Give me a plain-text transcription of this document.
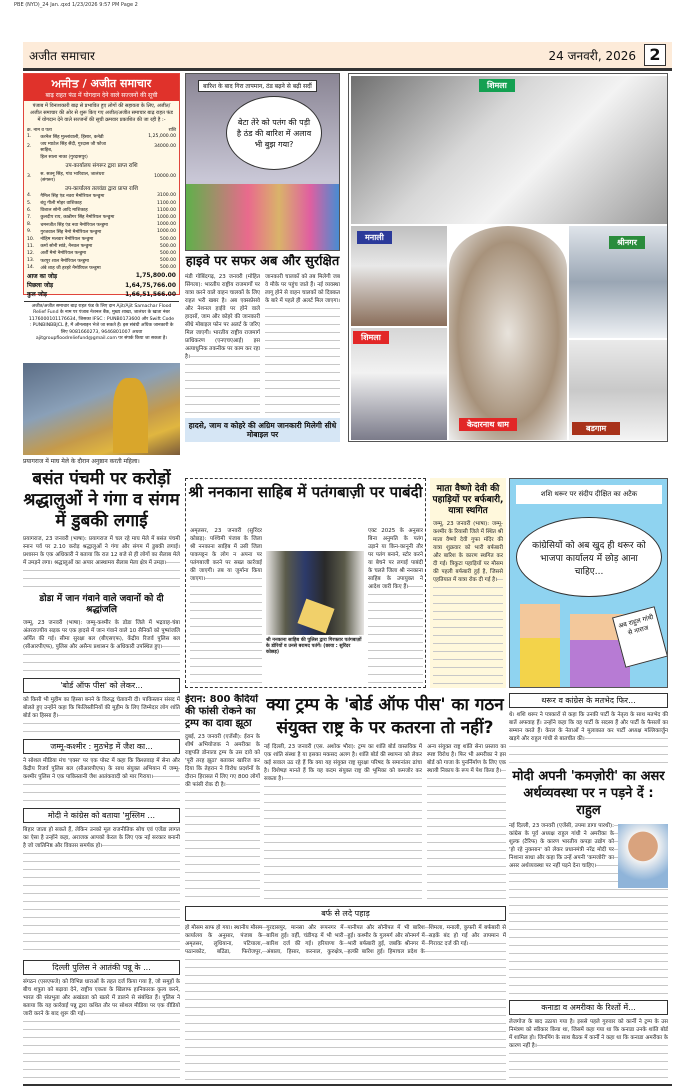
PBE (NYD)_24 Jan..qxd 1/23/2026 9:57 PM Page 2
अजीत समाचार	24 जनवरी, 2026 2
ਅਜੀਤ / अजीत समाचार
बाढ़ राहत फंड में योगदान देने वाले सज्जनों की सूची
पंजाब में विनाशकारी बाढ़ से प्रभावित हुए लोगों की सहायता के लिए, अजीत/अजीत समाचार की ओर से शुरू किए गए अजीत/अजीत समाचार बाढ़ राहत फंड में योगदान देने वाले सज्जनों की सूची क्रमवार प्रकाशित की जा रही है :-
क्र. नाम व पता		राशि
1.	करनैल सिंह मुल्लांवाली, हिंसार, कनेडी	1,25,000.00
2.	जय म्याटेल सिंह सैंदी, गुरदास जी फौजा साहिब,	34000.00
	हिल साला नाका (गुरदासपुर)	
उप-कार्यालय संगरूर द्वारा प्राप्त राशि		
3.	स. सतनू सिंह, गांव भारिवाल, जालंधरा (संगरूर)	10000.00
उप-कार्यालय तलवंडा द्वारा प्राप्त राशि		
4.	गैमिल सिंह एंड नवरा मैमोरियल फन्डुमा	3100.00
5.	बंधु गीली मोहर वाशिकाह	1100.00
6.	विशाल सोनी आदि माशिकाह	1100.00
7.	कुलदीप राय, कान्नीगर सिंह नैमोरियल फन्डुमा	1000.00
8.	चमनजीत सिंह एंड नवा नैमोरियल फन्डुमा	1000.00
9.	गुरजवाल सिंह नैमो मैमोरियल फन्डुमा	1000.00
10.	नोहिम मलवार नैमोरियल फन्डुमा	500.00
11.	कर्मा सोनी सांडे, नैनवल फन्डुमा	500.00
12.	अर्शी मैमो नैमोरियल फन्डुमा	500.00
13.	फरपुर शाल नैमोरियल फन्डुमा	500.00
14.	अंबे शाह जी हरहरे नैमोरियल फन्डुमा	500.00
आज का जोड़		1,75,800.00
पिछला जोड़		1,64,75,766.00
कुल जोड़		1,66,51,566.00
अजीत/अजीत समाचार बाढ़ राहत फंड के लिए दान Ajit/Ajit Samachar Flood Relief Fund के नाम पर पंजाब नेशनल बैंक, मुख्य शाखा, जालंधर के खाता नंबर 1176000101176634, जिसका IFSC : PUNB0173600 और Swift Code : PUNBINBBJCL है, में ऑनलाइन भेजे जा सकते हैं। इस संबंधी अधिक जानकारी के लिए 9081660273, 9646801007 अथवा ajitgroupfloodreliefund@gmail.com पर संपर्क किया जा सकता है।
प्रयागराज में माघ मेले के दौरान अनुष्ठान करती महिला।
बसंत पंचमी पर करोड़ों श्रद्धालुओं ने गंगा व संगम में डुबकी लगाई
प्रयागराज, 23 जनवरी (भाषा): प्रयागराज में चल रहे माघ मेले में बसंत पंचमी स्नान पर्व पर 2.10 करोड़ श्रद्धालुओं ने गंगा और संगम में डुबकी लगाई। प्रशासन के एक अधिकारी ने बताया कि रात 12 बजे से ही लोगों का सैलाब मेले में उमड़ने लगा। श्रद्धालुओं का अपार आस्थामय सैलाब मेला क्षेत्र में उमड़ा।
डोडा में जान गंवाने वाले जवानों को दी श्रद्धांजलि
जम्मू, 23 जनवरी (भाषा): जम्मू-कश्मीर के डोडा जिले में भद्रवाह-चंबा अंतरराज्यीय सड़क पर एक हादसे में जान गंवाने वाले 10 सैनिकों को पुष्पांजलि अर्पित की गई। सीमा सुरक्षा बल (बीएसएफ), केंद्रीय रिजर्व पुलिस बल (सीआरपीएफ), पुलिस और असैन्य प्रशासन के अधिकारी उपस्थित हुए।
'बोर्ड ऑफ पीस' को लेकर...
को किसी भी मुहीम का हिस्सा बनने के विरुद्ध चेतावनी दी। पाकिस्तान संसद में बोलते हुए उन्होंने कहा कि फिलिस्तीनियों की मुहीम के लिए जिम्मेदार लोग शांति बोर्ड का हिस्सा हैं।
जम्मू-कश्मीर : मुठभेड़ में जैश का...
ने सोशल मीडिया मंच 'एक्स' पर एक पोस्ट में कहा कि किश्तवाड़ में सेना और केंद्रीय रिजर्व पुलिस बल (सीआरपीएफ) के साथ संयुक्त अभियान में जम्मू-कश्मीर पुलिस ने एक पाकिस्तानी जैश आतंकवादी को मार गिराया।
मोदी ने कांग्रेस को बताया 'मुस्लिम ...
बिहार जाता हो सकते हैं, लेकिन उनको मूल राजनीतिक सोच एवं एजेंडा लागत का ऐसा है उन्होंने कहा, अराजक आपको केरल के लिए एक नई सरकार बनानी है जो जातिनिष्ठ और विकास समर्पक हो।
दिल्ली पुलिस ने आतंकी पन्नू के ...
संगठन (एसएफजे) को विभिन्न धाराओं के तहत दर्ज किया गया है, जो समूहों के बीच शत्रुता को बढ़ावा देने, राष्ट्रीय एकता के खिलाफ हानिकारक कृत्य करने, भारत की संप्रभुता और अखंडता को खतरे में डालने से संबंधित हैं। पुलिस ने बताया कि यह कार्रवाई पन्नू द्वारा कथित तौर पर सोशल मीडिया पर एक वीडियो जारी करने के बाद शुरू की गई।
बारिश के बाद गिरा तापमान, ठंड बढ़ने से बढ़ी सर्दी
बेटा तेरे को पतंग की पड़ी है ठंड की बारिश में अलाव भी बुझ गया?
हाइवे पर सफर अब और सुरक्षित
मंडी गोबिंदगढ़, 23 जनवरी (मोहित सिंगला): भारतीय राष्ट्रीय राजमार्गों पर यात्रा करने वाले वाहन चालकों के लिए राहत भरी खबर है। अब एक्सप्रेसवे और नेशनल हाईवे पर होने वाले हादसों, जाम और कोहरे की जानकारी सीधे मोबाइल फोन पर अलर्ट के जरिए मिल जाएगी। भारतीय राष्ट्रीय राजमार्ग प्राधिकरण (एनएचएआई) इस अत्याधुनिक तकनीक पर काम कर रहा है।
जानकारी चालकों को तब मिलेगी जब वे मौके पर पहुंच जाते हैं। नई व्यवस्था लागू होने से वाहन चालकों को दिक्कत के बारे में पहले ही अलर्ट मिल जाएगा।
हादसे, जाम व कोहरे की अग्रिम जानकारी मिलेगी सीधे मोबाइल पर
शिमला
मनाली
केदारनाथ धाम
श्रीनगर
शिमला
बडगाम
श्री ननकाना साहिब में पतंगबाज़ी पर पाबंदी
अमृतसर, 23 जनवरी (सुरिंदर कोछड़): पश्चिमी पंजाब के जिला श्री ननकाना साहिब में उसी जिला पाकपट्टन के लोग न अपना पर पतंगबाजी करने पर सख्त कार्रवाई की जाएगी। तब या जुर्माना किया जाएगा।
एक्ट 2025 के अनुसार बिना अनुमति के पतंग उड़ाने या किन-कानूनी तौर पर पतंग बनाने, स्टोर करने या बेचने पर लगाई पाबंदी के चलते जिला श्री ननकाना साहिब के उपायुक्त ने आदेश जारी किए हैं।
श्री ननकाना साहिब की पुलिस द्वारा गिरफ्तार पतंगबाज़ों के डोरियों व उनसे बरामद पतंगें। (छाया : सुरिंदर कोछड़)
माता वैष्णो देवी की पहाड़ियों पर बर्फबारी, यात्रा स्थगित
जम्मू, 23 जनवरी (भाषा): जम्मू-कश्मीर के रियासी जिले में स्थित श्री माता वैष्णो देवी गुफा मंदिर की यात्रा शुक्रवार को भारी बर्फबारी और बारिश के कारण स्थगित कर दी गई। त्रिकुटा पहाड़ियों पर मौसम की पहली बर्फबारी हुई है, जिससे एहतियात में यात्रा रोक दी गई है।
शशि थरूर पर संदीप दीक्षित का अटैक
कांग्रेसियों को अब खुद ही थरूर को भाजपा कार्यालय में छोड़ आना चाहिए...
अब राहुल गांधी से नाराज
ईरान: 800 कैदियों की फांसी रोकने का ट्रम्प का दावा झूठा
दुबई, 23 जनवरी (एजेंसी): ईरान के शीर्ष अभियोजक ने अमरीका के राष्ट्रपति डोनाल्ड ट्रम्प के उस दावे को 'पूरी तरह झूठा' बताकर खारिज कर दिया कि तेहरान ने विरोध प्रदर्शनों के दौरान हिरासत में लिए गए 800 लोगों की फांसी रोक दी है।
क्या ट्रम्प के 'बोर्ड ऑफ पीस' का गठन संयुक्त राष्ट्र के पर कतरना तो नहीं?
नई दिल्ली, 23 जनवरी (एस. अशोक भौरा): ट्रम्प का शांति बोर्ड वास्तविक में एक शांति संस्था है या इसका मकसद अलग है। शांति बोर्ड की स्थापना को लेकर कई सवाल उठ रहे हैं कि क्या यह संयुक्त राष्ट्र सुरक्षा परिषद के समानांतर ढांचा है। विशेषज्ञ मानते हैं कि यह कदम संयुक्त राष्ट्र की भूमिका को कमजोर कर सकता है।
अन्य संयुक्त राष्ट्र शांति सेना प्रस्ताव का स्पष्ट विरोध है। फिर भी अमरीका ने इस बोर्ड को गाजा के पुनर्निर्माण के लिए एक स्थायी निकाय के रूप में पेश किया है।
बर्फ से लदे पहाड़
हो मौसम साफ हो गया। स्थानीय मौसम कार्यालय के अनुसार, पंजाब के अमृतसर, लुधियाना, पटियाला, पठानकोट, बठिंडा, फिरोजपुर, गुरदासपुर, मानसा और रूपनगर में बारिश हुई। वहीं, चंडीगढ़ में भी भारी बारिश दर्ज की गई। हरियाणा के अंबाला, हिसार, करनाल, कुरुक्षेत्र, पानीपत और सोनीपत में भी बारिश हुई। कश्मीर के गुलमर्ग और सोनमर्ग में भारी बर्फबारी हुई, जबकि श्रीनगर में हल्की बारिश हुई। हिमाचल प्रदेश के शिमला, मनाली, कुफरी में बर्फबारी से सड़कें बंद हो गईं और तापमान में गिरावट दर्ज की गई।
थरूर व कांग्रेस के मतभेद फिर...
थे। शशि थरूर ने पत्रकारों से कहा कि उनकी पार्टी के नेतृत्व के साथ मतभेद की बातें अफवाह हैं। उन्होंने कहा कि वह पार्टी के सदस्य हैं और पार्टी के फैसलों का सम्मान करते हैं। केरल के नेताओं ने मुलाकात कर पार्टी अध्यक्ष मल्लिकार्जुन खड़गे और राहुल गांधी से बातचीत की।
मोदी अपनी 'कमज़ोरी' का असर अर्थव्यवस्था पर न पड़ने दें : राहुल
नई दिल्ली, 23 जनवरी (एजेंसी, उपमा डागा पारथी): कांग्रेस के पूर्व अध्यक्ष राहुल गांधी ने अमरीका के शुल्क (टैरिफ) के कारण भारतीय कपड़ा उद्योग को 'हो रहे नुकसान' को लेकर प्रधानमंत्री नरेंद्र मोदी पर निशाना साधा और कहा कि उन्हें अपनी 'कमजोरी' का असर अर्थव्यवस्था पर नहीं पड़ने देना चाहिए।
कनाडा व अमरीका के रिश्तों में...
लेजगोज के बाद उठाया गया है। इससे पहले गुरुवार को कार्नी ने ट्रम्प के उस निमंत्रण को स्वीकार किया था, जिसमें कहा गया था कि कनाडा उनके शांति बोर्ड में शामिल हो। जिनपिंग के साथ बैठक में कार्नी ने कहा था कि कनाडा अमरीका के कारण नहीं है।
